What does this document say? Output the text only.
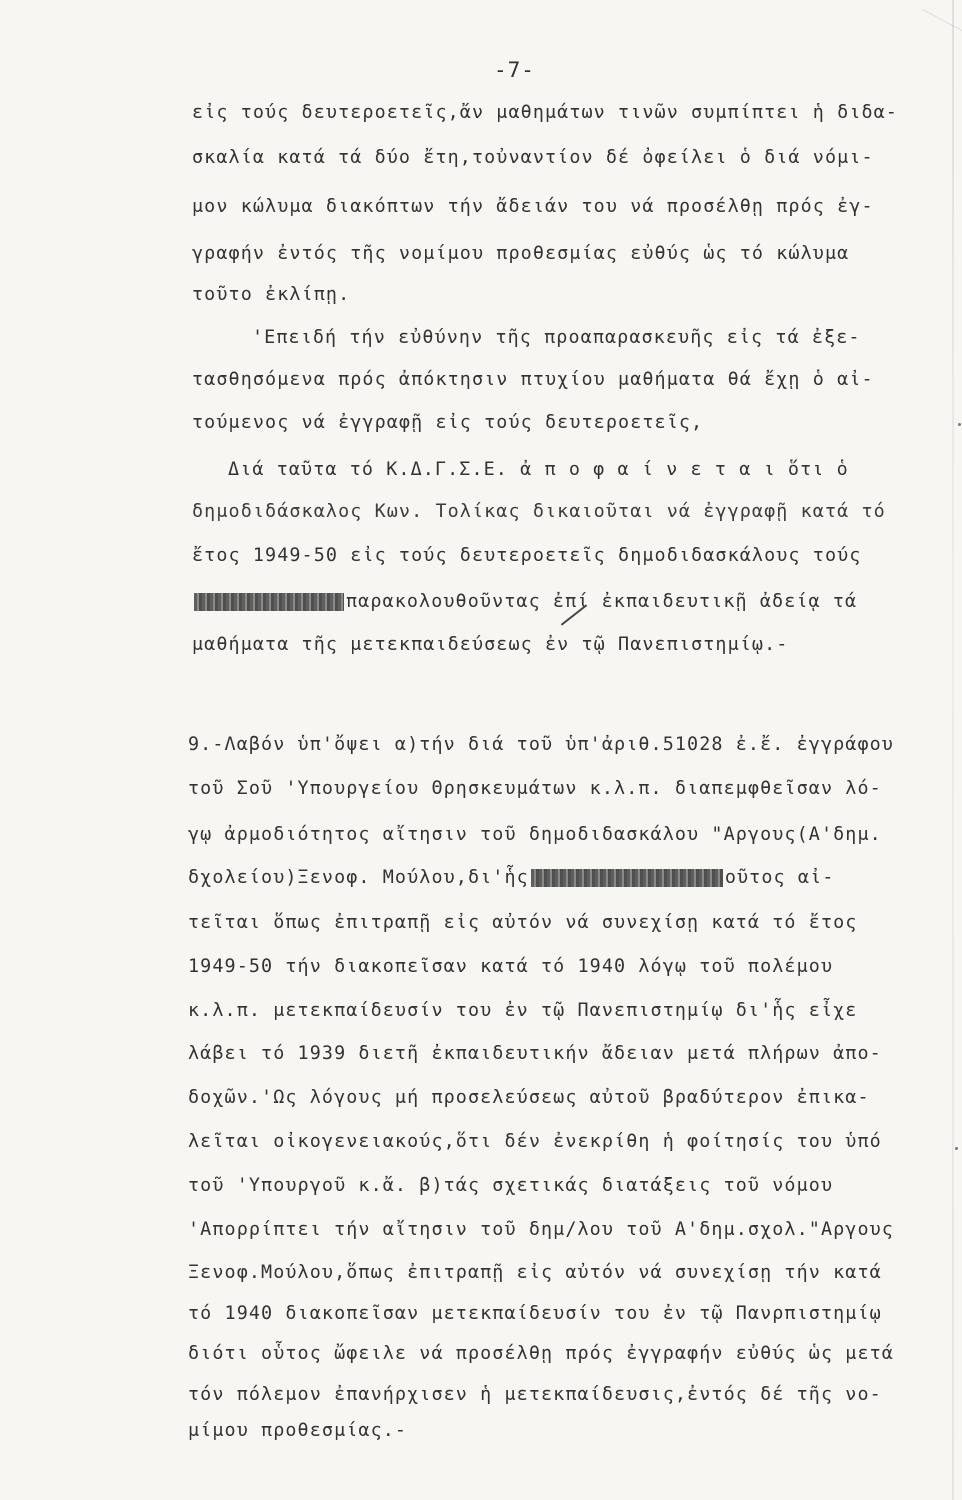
-7-
εἰς τούς δευτεροετεῖς,ἄν μαθημάτων τινῶν συμπίπτει ἡ διδα-
σκαλία κατά τά δύο ἔτη,τοὐναντίον δέ ὀφείλει ὁ διά νόμι-
μον κώλυμα διακόπτων τήν ἄδειάν του νά προσέλθῃ πρός ἐγ-
γραφήν ἐντός τῆς νομίμου προθεσμίας εὐθύς ὡς τό κώλυμα
τοῦτο ἐκλίπῃ.
'Επειδή τήν εὐθύνην τῆς προαπαρασκευῆς εἰς τά ἐξε-
τασθησόμενα πρός ἀπόκτησιν πτυχίου μαθήματα θά ἔχῃ ὁ αἰ-
τούμενος νά ἐγγραφῇ εἰς τούς δευτεροετεῖς,
Διά ταῦτα τό Κ.Δ.Γ.Σ.Ε. ἀ π ο φ α ί ν ε τ α ι ὅτι ὁ
δημοδιδάσκαλος Κων. Τολίκας δικαιοῦται νά ἐγγραφῇ κατά τό
ἔτος 1949-50 εἰς τούς δευτεροετεῖς δημοδιδασκάλους τούς
παρακολουθοῦντας ἐπί ἐκπαιδευτικῇ ἀδείᾳ τά
μαθήματα τῆς μετεκπαιδεύσεως ἐν τῷ Πανεπιστημίῳ.-
9.-Λαβόν ὑπ'ὄψει α)τήν διά τοῦ ὑπ'ἀριθ.51028 ἐ.ἔ. ἐγγράφου
τοῦ Σοῦ 'Υπουργείου Θρησκευμάτων κ.λ.π. διαπεμφθεῖσαν λό-
γῳ ἀρμοδιότητος αἴτησιν τοῦ δημοδιδασκάλου "Αργους(Α'δημ.
δχολείου)Ξενοφ. Μούλου,δι'ἧς	οῦτος αἰ-
τεῖται ὅπως ἐπιτραπῇ εἰς αὐτόν νά συνεχίσῃ κατά τό ἔτος
1949-50 τήν διακοπεῖσαν κατά τό 1940 λόγῳ τοῦ πολέμου
κ.λ.π. μετεκπαίδευσίν του ἐν τῷ Πανεπιστημίῳ δι'ἧς εἶχε
λάβει τό 1939 διετῆ ἐκπαιδευτικήν ἄδειαν μετά πλήρων ἀπο-
δοχῶν.'Ως λόγους μή προσελεύσεως αὐτοῦ βραδύτερον ἐπικα-
λεῖται οἰκογενειακούς,ὅτι δέν ἐνεκρίθη ἡ φοίτησίς του ὑπό
τοῦ 'Υπουργοῦ κ.ἄ. β)τάς σχετικάς διατάξεις τοῦ νόμου
'Απορρίπτει τήν αἴτησιν τοῦ δημ/λου τοῦ Α'δημ.σχολ."Αργους
Ξενοφ.Μούλου,ὅπως ἐπιτραπῇ εἰς αὐτόν νά συνεχίσῃ τήν κατά
τό 1940 διακοπεῖσαν μετεκπαίδευσίν του ἐν τῷ Πανρπιστημίῳ
διότι οὗτος ὤφειλε νά προσέλθῃ πρός ἐγγραφήν εὐθύς ὡς μετά
τόν πόλεμον ἐπανήρχισεν ἡ μετεκπαίδευσις,ἐντός δέ τῆς νο-
μίμου προθεσμίας.-
